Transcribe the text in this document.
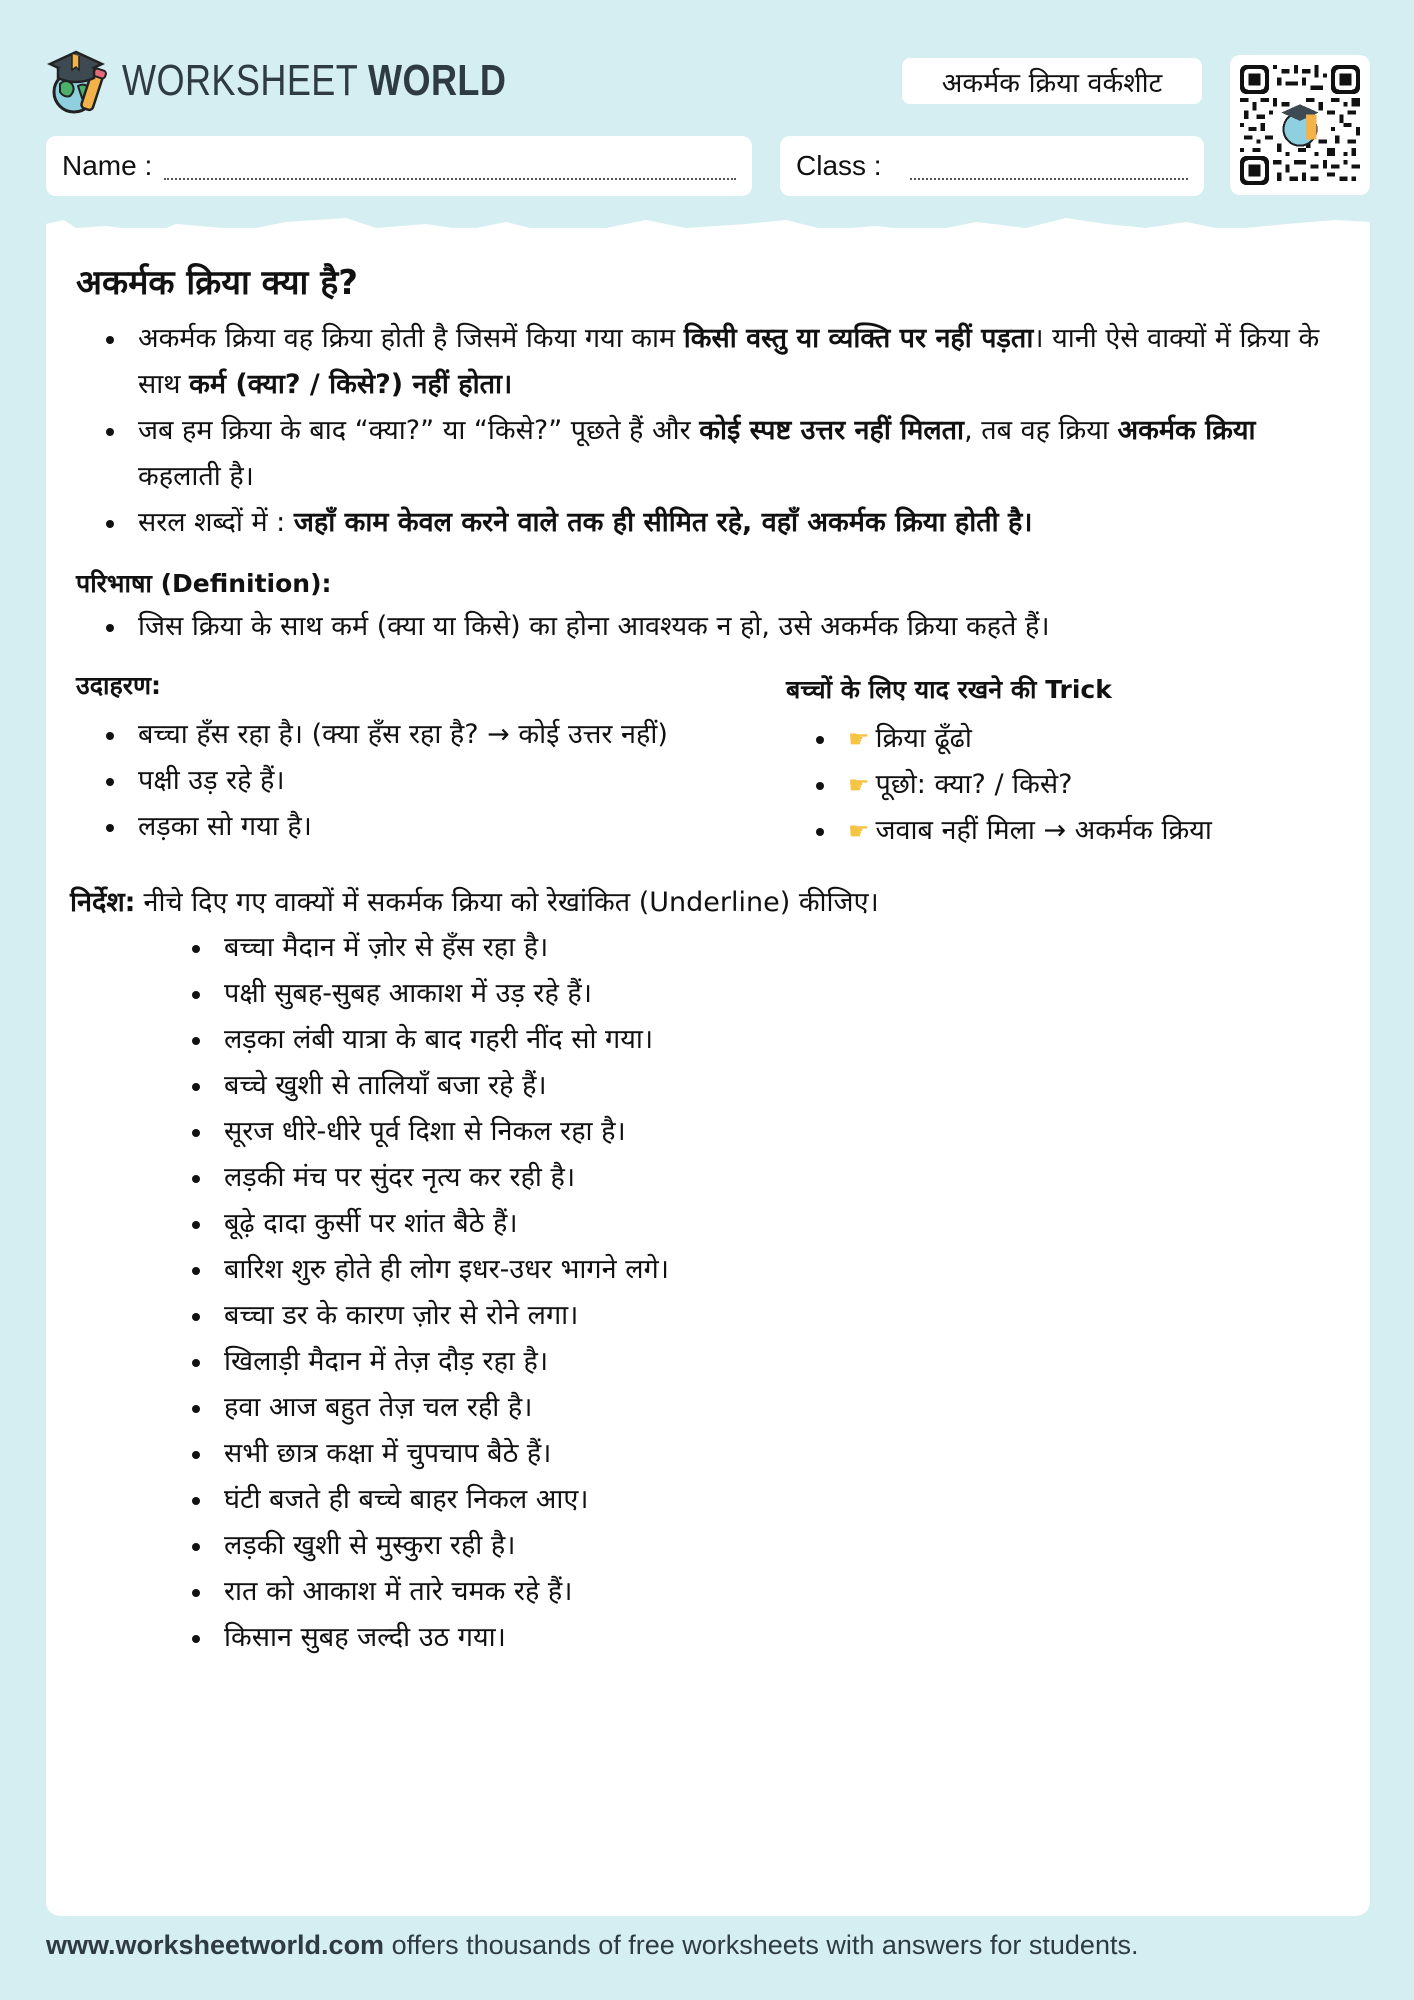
WORKSHEET WORLD	अकर्मक क्रिया वर्कशीट
Name :	Class :
अकर्मक क्रिया क्या है?
अकर्मक क्रिया वह क्रिया होती है जिसमें किया गया काम किसी वस्तु या व्यक्ति पर नहीं पड़ता। यानी ऐसे वाक्यों में क्रिया के साथ कर्म (क्या? / किसे?) नहीं होता।
जब हम क्रिया के बाद “क्या?” या “किसे?” पूछते हैं और कोई स्पष्ट उत्तर नहीं मिलता, तब वह क्रिया अकर्मक क्रिया कहलाती है।
सरल शब्दों में : जहाँ काम केवल करने वाले तक ही सीमित रहे, वहाँ अकर्मक क्रिया होती है।
परिभाषा (Definition):
जिस क्रिया के साथ कर्म (क्या या किसे) का होना आवश्यक न हो, उसे अकर्मक क्रिया कहते हैं।
उदाहरण:
बच्चा हँस रहा है। (क्या हँस रहा है? → कोई उत्तर नहीं)
पक्षी उड़ रहे हैं।
लड़का सो गया है।
बच्चों के लिए याद रखने की Trick
☛ क्रिया ढूँढो
☛ पूछो: क्या? / किसे?
☛ जवाब नहीं मिला → अकर्मक क्रिया
निर्देश: नीचे दिए गए वाक्यों में सकर्मक क्रिया को रेखांकित (Underline) कीजिए।
बच्चा मैदान में ज़ोर से हँस रहा है।
पक्षी सुबह-सुबह आकाश में उड़ रहे हैं।
लड़का लंबी यात्रा के बाद गहरी नींद सो गया।
बच्चे खुशी से तालियाँ बजा रहे हैं।
सूरज धीरे-धीरे पूर्व दिशा से निकल रहा है।
लड़की मंच पर सुंदर नृत्य कर रही है।
बूढ़े दादा कुर्सी पर शांत बैठे हैं।
बारिश शुरु होते ही लोग इधर-उधर भागने लगे।
बच्चा डर के कारण ज़ोर से रोने लगा।
खिलाड़ी मैदान में तेज़ दौड़ रहा है।
हवा आज बहुत तेज़ चल रही है।
सभी छात्र कक्षा में चुपचाप बैठे हैं।
घंटी बजते ही बच्चे बाहर निकल आए।
लड़की खुशी से मुस्कुरा रही है।
रात को आकाश में तारे चमक रहे हैं।
किसान सुबह जल्दी उठ गया।
www.worksheetworld.com offers thousands of free worksheets with answers for students.
